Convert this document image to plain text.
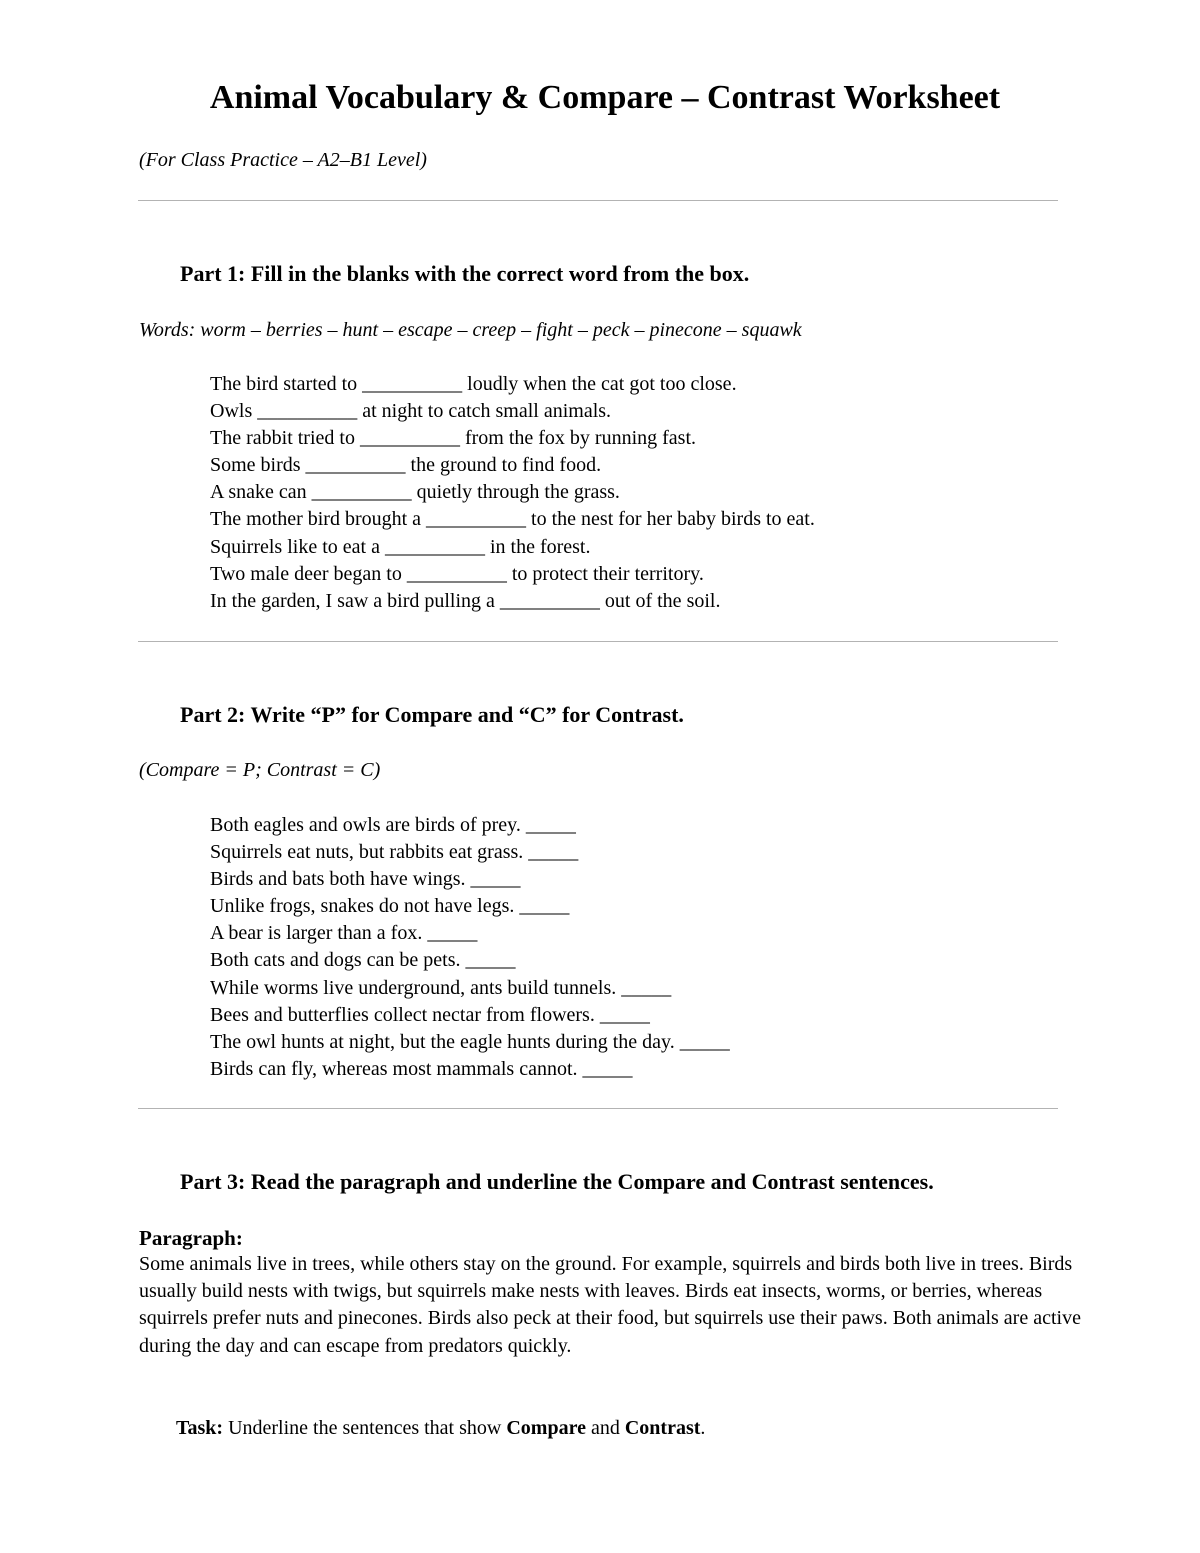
Animal Vocabulary & Compare – Contrast Worksheet
(For Class Practice – A2–B1 Level)
Part 1: Fill in the blanks with the correct word from the box.
Words: worm – berries – hunt – escape – creep – fight – peck – pinecone – squawk
The bird started to __________ loudly when the cat got too close.
Owls __________ at night to catch small animals.
The rabbit tried to __________ from the fox by running fast.
Some birds __________ the ground to find food.
A snake can __________ quietly through the grass.
The mother bird brought a __________ to the nest for her baby birds to eat.
Squirrels like to eat a __________ in the forest.
Two male deer began to __________ to protect their territory.
In the garden, I saw a bird pulling a __________ out of the soil.
Part 2: Write “P” for Compare and “C” for Contrast.
(Compare = P; Contrast = C)
Both eagles and owls are birds of prey. _____
Squirrels eat nuts, but rabbits eat grass. _____
Birds and bats both have wings. _____
Unlike frogs, snakes do not have legs. _____
A bear is larger than a fox. _____
Both cats and dogs can be pets. _____
While worms live underground, ants build tunnels. _____
Bees and butterflies collect nectar from flowers. _____
The owl hunts at night, but the eagle hunts during the day. _____
Birds can fly, whereas most mammals cannot. _____
Part 3: Read the paragraph and underline the Compare and Contrast sentences.
Paragraph:

Some animals live in trees, while others stay on the ground. For example, squirrels and birds both live in trees. Birds usually build nests with twigs, but squirrels make nests with leaves. Birds eat insects, worms, or berries, whereas squirrels prefer nuts and pinecones. Birds also peck at their food, but squirrels use their paws. Both animals are active during the day and can escape from predators quickly.

Task: Underline the sentences that show Compare and Contrast.
